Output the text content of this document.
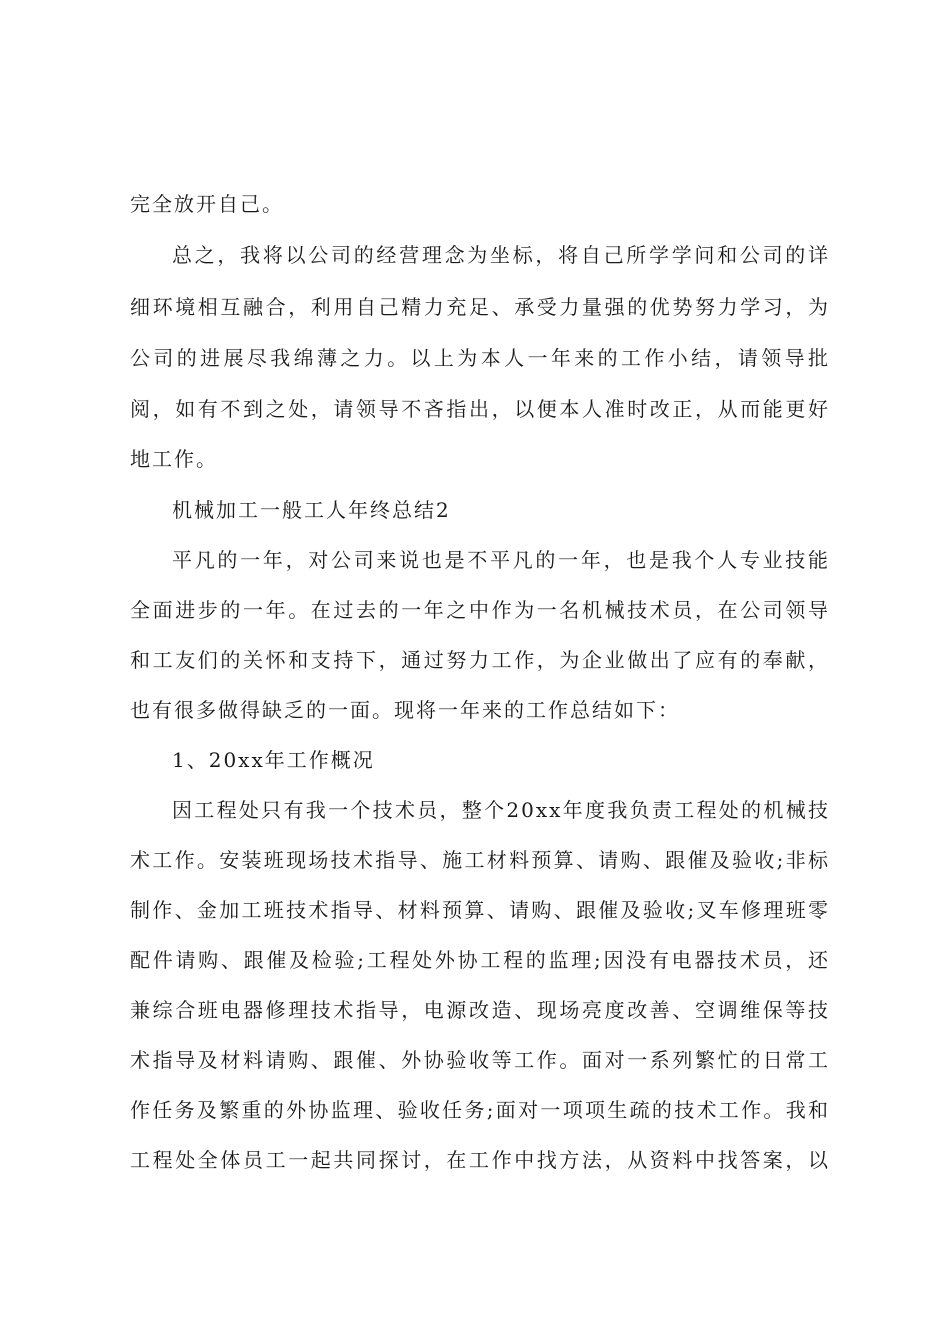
完全放开自己。
总之，我将以公司的经营理念为坐标，将自己所学学问和公司的详
细环境相互融合，利用自己精力充足、承受力量强的优势努力学习，为
公司的进展尽我绵薄之力。以上为本人一年来的工作小结，请领导批
阅，如有不到之处，请领导不吝指出，以便本人准时改正，从而能更好
地工作。
机械加工一般工人年终总结2
平凡的一年，对公司来说也是不平凡的一年，也是我个人专业技能
全面进步的一年。在过去的一年之中作为一名机械技术员，在公司领导
和工友们的关怀和支持下，通过努力工作，为企业做出了应有的奉献，
也有很多做得缺乏的一面。现将一年来的工作总结如下：
1、20xx年工作概况
因工程处只有我一个技术员，整个20xx年度我负责工程处的机械技
术工作。安装班现场技术指导、施工材料预算、请购、跟催及验收;非标
制作、金加工班技术指导、材料预算、请购、跟催及验收;叉车修理班零
配件请购、跟催及检验;工程处外协工程的监理;因没有电器技术员，还
兼综合班电器修理技术指导，电源改造、现场亮度改善、空调维保等技
术指导及材料请购、跟催、外协验收等工作。面对一系列繁忙的日常工
作任务及繁重的外协监理、验收任务;面对一项项生疏的技术工作。我和
工程处全体员工一起共同探讨，在工作中找方法，从资料中找答案，以
